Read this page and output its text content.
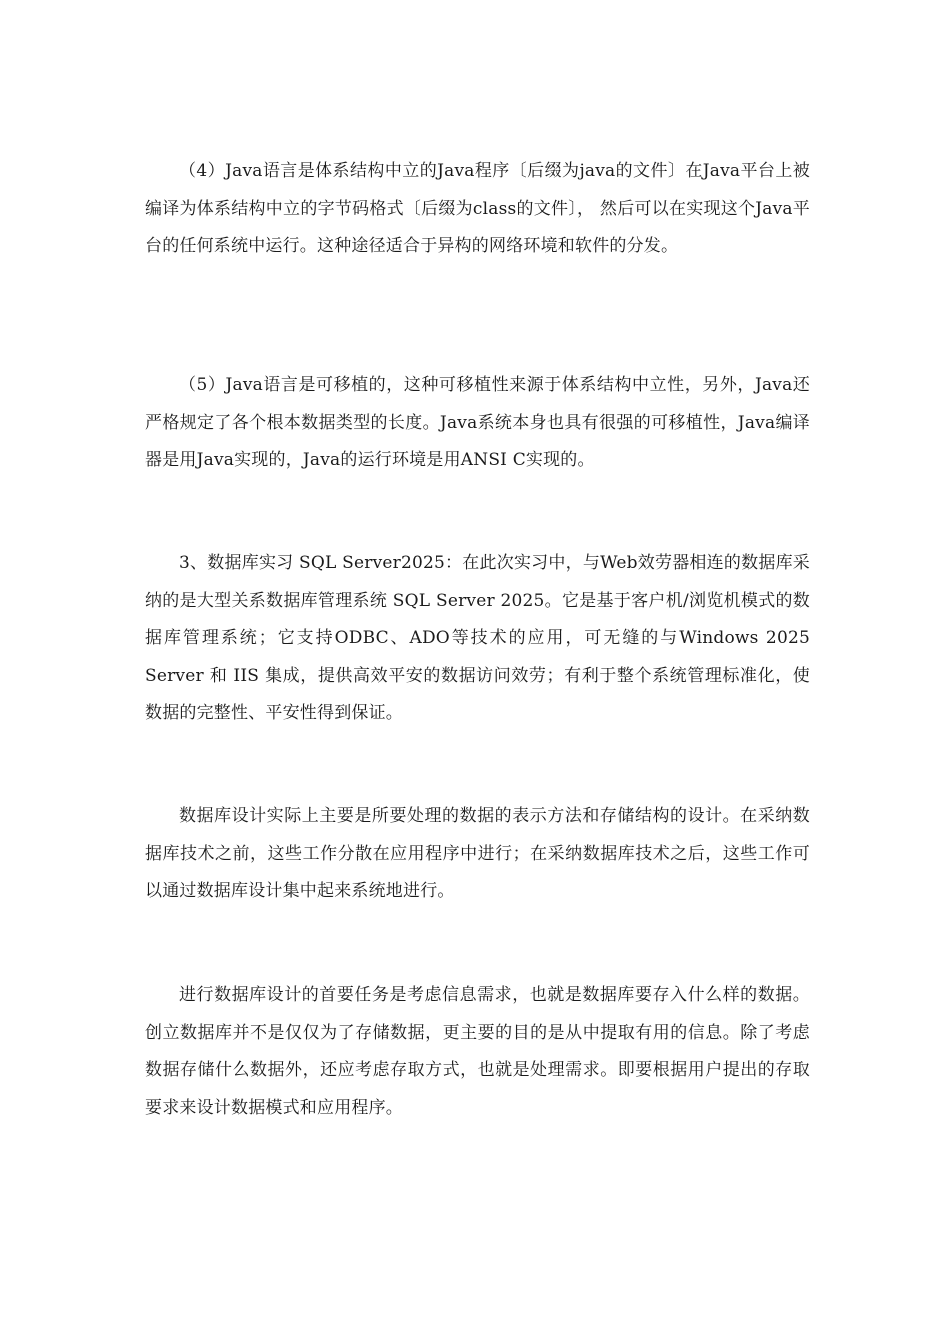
（4）Java语言是体系结构中立的Java程序〔后缀为java的文件〕在Java平台上被编译为体系结构中立的字节码格式〔后缀为class的文件〕， 然后可以在实现这个Java平台的任何系统中运行。这种途径适合于异构的网络环境和软件的分发。

（5）Java语言是可移植的，这种可移植性来源于体系结构中立性，另外，Java还严格规定了各个根本数据类型的长度。Java系统本身也具有很强的可移植性，Java编译器是用Java实现的，Java的运行环境是用ANSI C实现的。

3、数据库实习 SQL Server2025：在此次实习中，与Web效劳器相连的数据库采纳的是大型关系数据库管理系统 SQL Server 2025。它是基于客户机/浏览机模式的数据库管理系统；它支持ODBC、ADO等技术的应用，可无缝的与Windows 2025 Server 和 IIS 集成，提供高效平安的数据访问效劳；有利于整个系统管理标准化，使数据的完整性、平安性得到保证。

数据库设计实际上主要是所要处理的数据的表示方法和存储结构的设计。在采纳数据库技术之前，这些工作分散在应用程序中进行；在采纳数据库技术之后，这些工作可以通过数据库设计集中起来系统地进行。

进行数据库设计的首要任务是考虑信息需求，也就是数据库要存入什么样的数据。创立数据库并不是仅仅为了存储数据，更主要的目的是从中提取有用的信息。除了考虑数据存储什么数据外，还应考虑存取方式，也就是处理需求。即要根据用户提出的存取要求来设计数据模式和应用程序。
